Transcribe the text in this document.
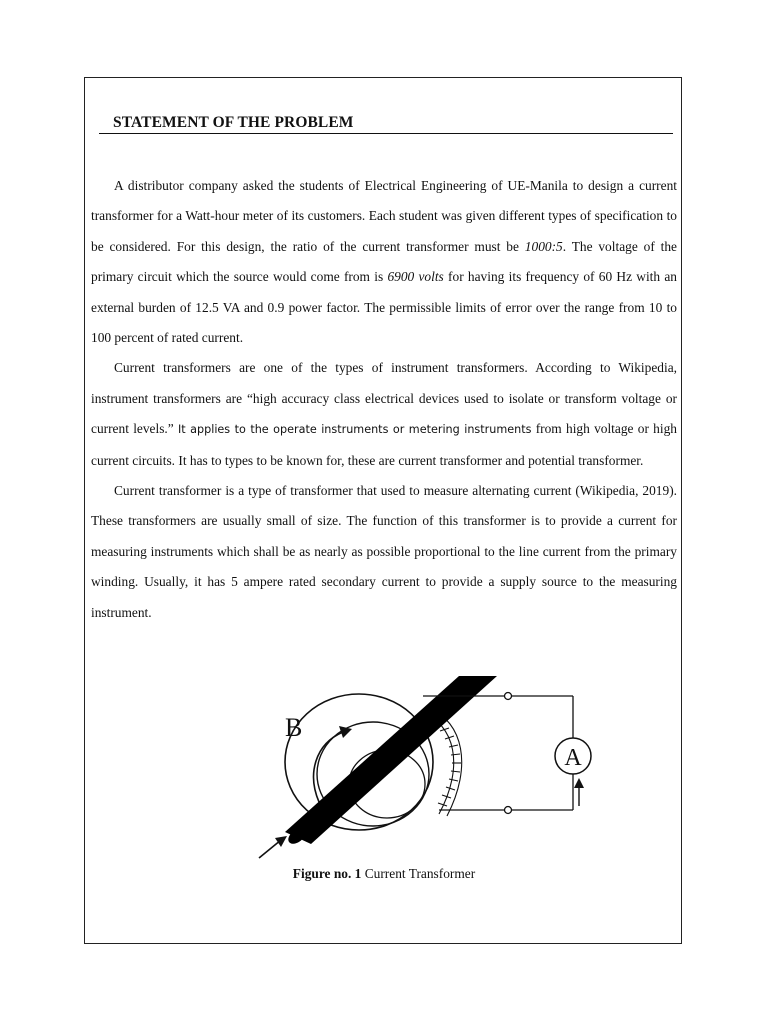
STATEMENT OF THE PROBLEM

A distributor company asked the students of Electrical Engineering of UE-Manila to design a current transformer for a Watt-hour meter of its customers. Each student was given different types of specification to be considered. For this design, the ratio of the current transformer must be 1000:5. The voltage of the primary circuit which the source would come from is 6900 volts for having its frequency of 60 Hz with an external burden of 12.5 VA and 0.9 power factor. The permissible limits of error over the range from 10 to 100 percent of rated current.

Current transformers are one of the types of instrument transformers. According to Wikipedia, instrument transformers are “high accuracy class electrical devices used to isolate or transform voltage or current levels.” It applies to the operate instruments or metering instruments from high voltage or high current circuits. It has to types to be known for, these are current transformer and potential transformer.

Current transformer is a type of transformer that used to measure alternating current (Wikipedia, 2019). These transformers are usually small of size. The function of this transformer is to provide a current for measuring instruments which shall be as nearly as possible proportional to the line current from the primary winding. Usually, it has 5 ampere rated secondary current to provide a supply source to the measuring instrument.

A
B
Figure no. 1 Current Transformer
